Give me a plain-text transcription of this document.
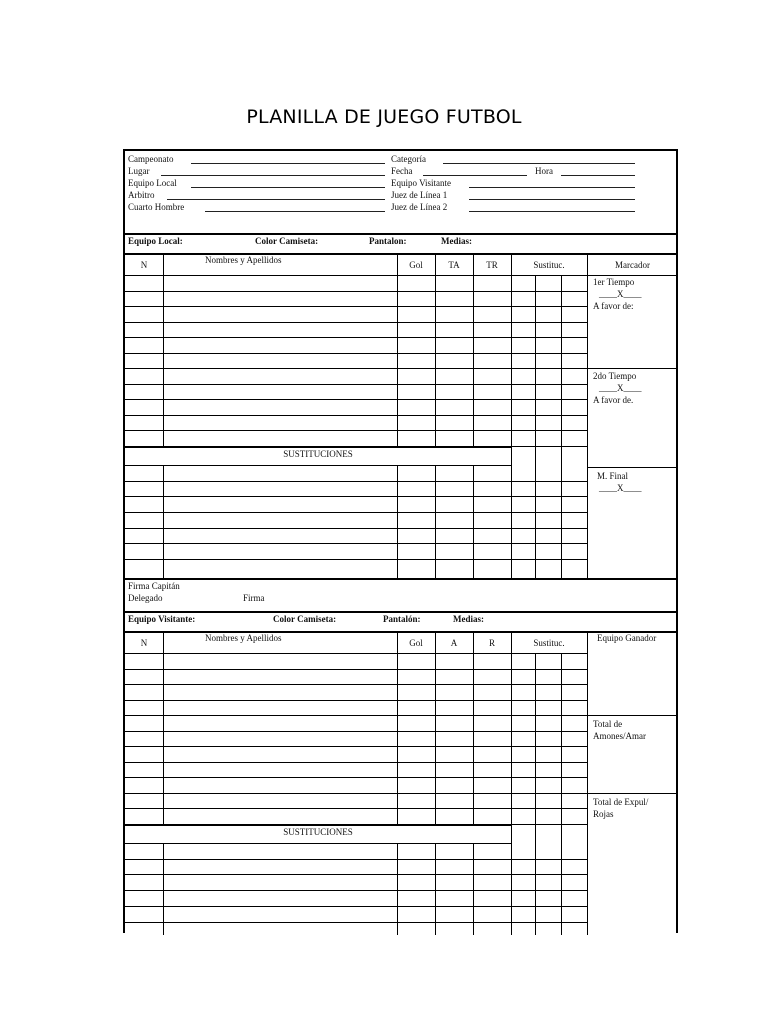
PLANILLA DE JUEGO FUTBOL
Campeonato	Categoría
Lugar	Fecha	Hora
Equipo Local	Equipo Visitante
Arbitro	Juez de Línea 1
Cuarto Hombre	Juez de Línea 2
Equipo Local:	Color Camiseta:	Pantalon:	Medias:
N	Nombres y Apellidos	Gol	TA	TR	Sustituc.	Marcador
SUSTITUCIONES
1er Tiempo
____X____
A favor de:
2do Tiempo
____X____
A favor de.
M. Final
____X____
Firma Capitán
Delegado	Firma
Equipo Visitante:	Color Camiseta:	Pantalón:	Medias:
N	Nombres y Apellidos	Gol	A	R	Sustituc.	Equipo Ganador
SUSTITUCIONES
Total de Amones/Amar
Total de Expul/ Rojas
